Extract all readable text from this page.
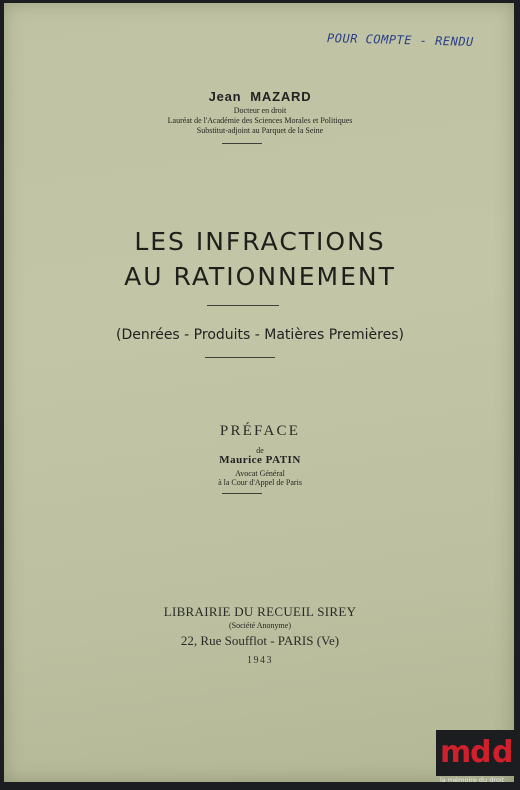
POUR COMPTE - RENDU
Jean MAZARD
Docteur en droit
Lauréat de l'Académie des Sciences Morales et Politiques
Substitut-adjoint au Parquet de la Seine
LES INFRACTIONS
AU RATIONNEMENT
(Denrées - Produits - Matières Premières)
PRÉFACE
de
Maurice PATIN
Avocat Général
à la Cour d'Appel de Paris
LIBRAIRIE DU RECUEIL SIREY
(Société Anonyme)
22, Rue Soufflot - PARIS (Ve)
1943
m
d d
la mémoire du droit
